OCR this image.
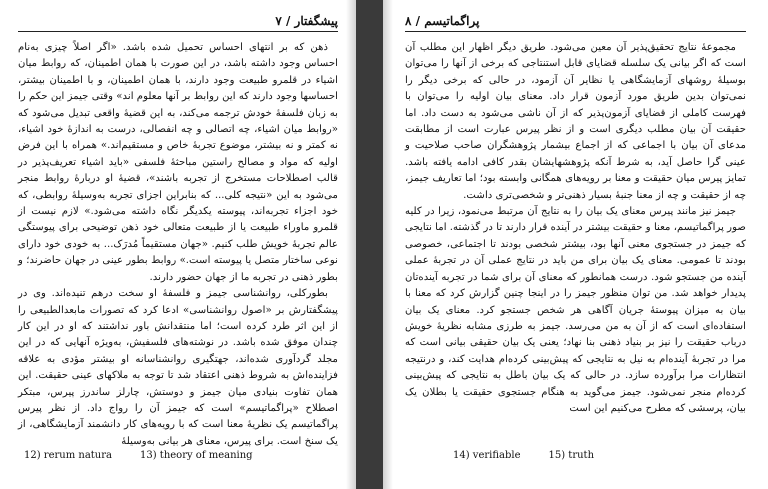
پیشگفتار / ۷

ذهن که بر انتهای احساس تحمیل شده باشد. «اگر اصلاً چیزی به‌نام احساس وجود داشته باشد، در این صورت با همان اطمینان، که روابط میان اشیاء در قلمرو طبیعت وجود دارند، با همان اطمینان، و با اطمینان بیشتر، احساسها وجود دارند که این روابط بر آنها معلوم اند» وقتی جیمز این حکم را به زبان فلسفهٔ خودش ترجمه می‌کند، به این قضیهٔ واقعی تبدیل می‌شود که «روابط میان اشیاء، چه اتصالی و چه انفصالی، درست به اندازهٔ خود اشیاء، نه کمتر و نه بیشتر، موضوع تجربهٔ خاص و مستقیم‌اند.» همراه با این فرض اولیه که مواد و مصالح راستین مباحثهٔ فلسفی «باید اشیاء تعریف‌پذیر در قالب اصطلاحات مستخرج از تجربه باشند»، قضیهٔ او دربارهٔ روابط منجر می‌شود به این «نتیجه کلی... که بنابراین اجزای تجربه به‌وسیلهٔ روابطی، که خود اجزاء تجربه‌اند، پیوسته یکدیگر نگاه داشته می‌شود.» لازم نیست از قلمرو ماوراء طبیعت یا از طبیعت متعالی خود ذهن توضیحی برای پیوستگی عالم تجربهٔ خویش طلب کنیم. «جهان مستقیماً مُدرَک... به خودی خود دارای نوعی ساختار متصل یا پیوسته است.» روابط بطور عینی در جهان حاضرند؛ و بطور ذهنی در تجربه ما از جهان حضور دارند.

بطورکلی، روانشناسی جیمز و فلسفهٔ او سخت درهم تنیده‌اند. وی در پیشگفتارش بر «اصول روانشناسی» ادعا کرد که تصورات ما‌بعدالطبیعی را از این اثر طرد کرده است؛ اما منتقدانش باور نداشتند که او در این کار چندان موفق شده باشد. در نوشته‌های فلسفیش، به‌ویژه آنهایی که در این مجلد گردآوری شده‌اند، جهتگیری روانشناسانه او بیشتر مؤدی به علاقه فزاینده‌اش به شروط ذهنی اعتقاد شد تا توجه به ملاکهای عینی حقیقت. این همان تفاوت بنیادی میان جیمز و دوستش، چارلز ساندرز پیرس، مبتکر اصطلاح «پراگماتیسم» است که جیمز آن را رواج داد. از نظر پیرس پراگماتیسم یک نظریهٔ معنا است که با رویه‌های کار دانشمند آزمایشگاهی، از یک سنخ است. برای پیرس، معنای هر بیانی به‌وسیلهٔ

12) rerum natura	13) theory of meaning
۸ / پراگماتیسم

مجموعهٔ نتایج تحقیق‌پذیر آن معین می‌شود. طریق دیگر اظهار این مطلب آن است که اگر بیانی یک سلسله قضایای قابل استنتاجی که برخی از آنها را می‌توان بوسیلهٔ روشهای آزمایشگاهی یا نظایر آن آزمود، در حالی که برخی دیگر را نمی‌توان بدین طریق مورد آزمون قرار داد. معنای بیان اولیه را می‌توان با فهرست کاملی از قضایای آزمون‌پذیر که از آن ناشی می‌شود به دست داد. اما حقیقت آن بیان مطلب دیگری است و از نظر پیرس عبارت است از مطابقت مدعای آن بیان با اجماعی که از اجماع بیشمار پژوهشگران صاحب صلاحیت و عینی گرا حاصل آید، به شرط آنکه پژوهشهایشان بقدر کافی ادامه یافته باشد. تمایز پیرس میان حقیقت و معنا بر رویه‌های همگانی وابسته بود؛ اما تعاریف جیمز، چه از حقیقت و چه از معنا جنبهٔ بسیار ذهنی‌تر و شخصی‌تری داشت.

جیمز نیز مانند پیرس معنای یک بیان را به نتایج آن مرتبط می‌نمود، زیرا در کلیه صور پراگماتیسم، معنا و حقیقت بیشتر در آینده قرار دارند تا در گذشته. اما نتایجی که جیمز در جستجوی معنی آنها بود، بیشتر شخصی بودند تا اجتماعی، خصوصی بودند تا عمومی. معنای یک بیان برای من باید در نتایج عملی آن در تجربهٔ عملی آینده من جستجو شود. درست همانطور که معنای آن برای شما در تجربه آینده‌تان پدیدار خواهد شد. من توان منظور جیمز را در اینجا چنین گزارش کرد که معنا با بیان به میزان پیوستهٔ جریان آگاهی هر شخص جستجو کرد. معنای یک بیان استفاده‌ای است که از آن به من می‌رسد. جیمز به طرزی مشابه نظریهٔ خویش درباب حقیقت را نیز بر بنیاد ذهنی بنا نهاد؛ یعنی یک بیان حقیقی بیانی است که مرا در تجربهٔ آینده‌ام به نیل به نتایجی که پیش‌بینی کرده‌ام هدایت کند، و درنتیجه انتظارات مرا برآورده سازد. در حالی که یک بیان باطل به نتایجی که پیش‌بینی کرده‌ام منجر نمی‌شود. جیمز می‌گوید به هنگام جستجوی حقیقت یا بطلان یک بیان، پرسشی که مطرح می‌کنیم این است

14) verifiable	15) truth
